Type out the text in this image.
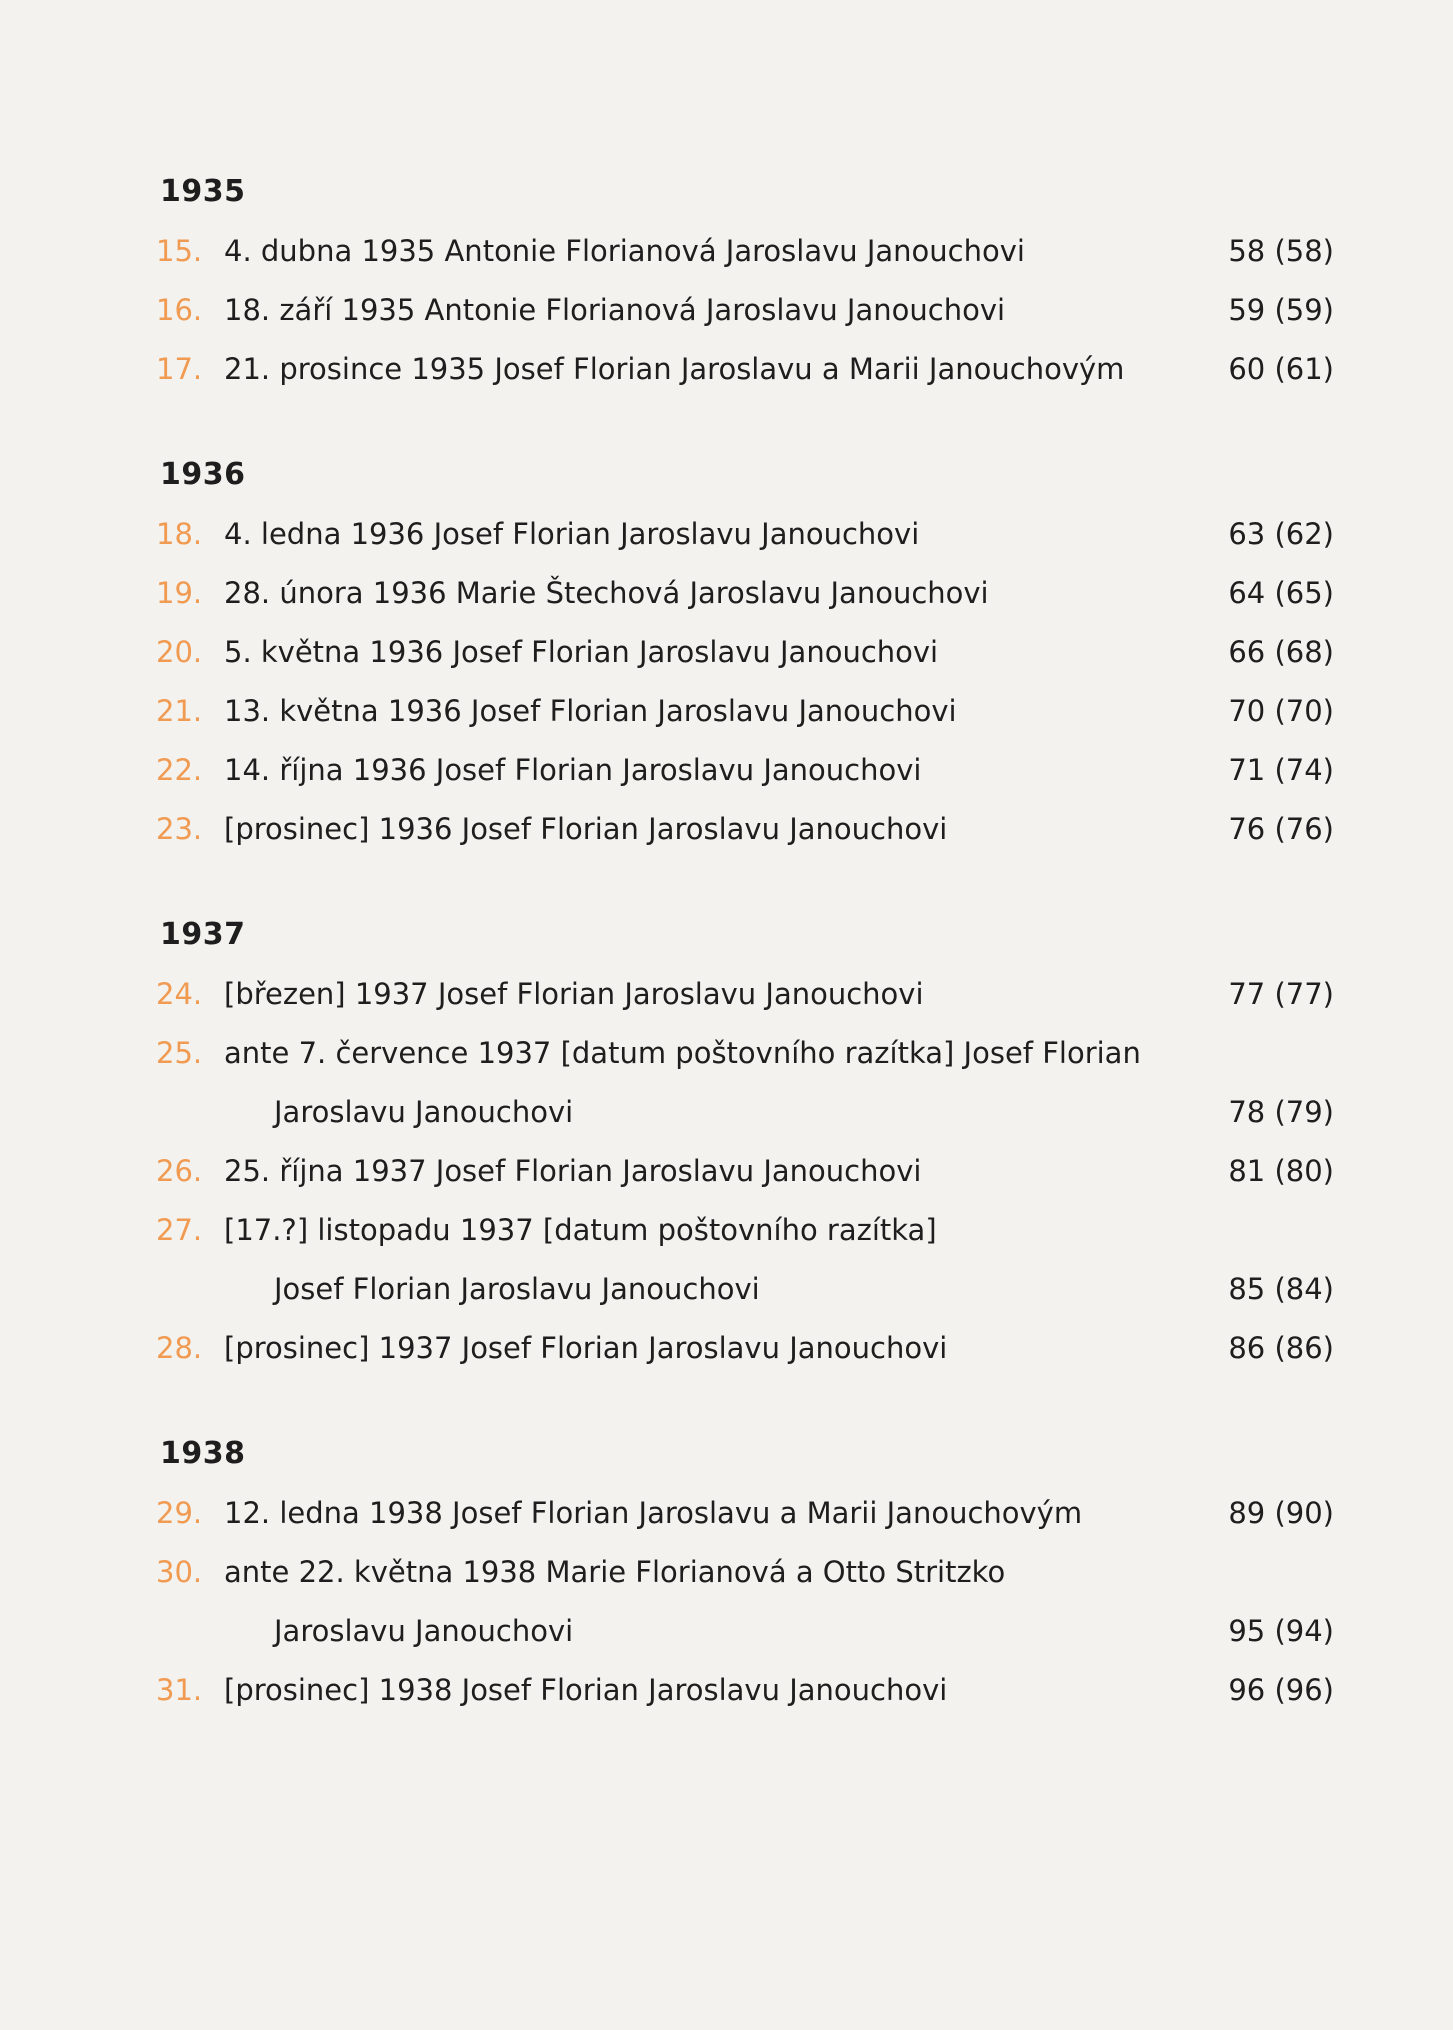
1935
15. 4. dubna 1935 Antonie Florianová Jaroslavu Janouchovi	58 (58)
16. 18. září 1935 Antonie Florianová Jaroslavu Janouchovi	59 (59)
17. 21. prosince 1935 Josef Florian Jaroslavu a Marii Janouchovým	60 (61)
1936
18. 4. ledna 1936 Josef Florian Jaroslavu Janouchovi	63 (62)
19. 28. února 1936 Marie Štechová Jaroslavu Janouchovi	64 (65)
20. 5. května 1936 Josef Florian Jaroslavu Janouchovi	66 (68)
21. 13. května 1936 Josef Florian Jaroslavu Janouchovi	70 (70)
22. 14. října 1936 Josef Florian Jaroslavu Janouchovi	71 (74)
23. [prosinec] 1936 Josef Florian Jaroslavu Janouchovi	76 (76)
1937
24. [březen] 1937 Josef Florian Jaroslavu Janouchovi	77 (77)
25. ante 7. července 1937 [datum poštovního razítka] Josef Florian
Jaroslavu Janouchovi	78 (79)
26. 25. října 1937 Josef Florian Jaroslavu Janouchovi	81 (80)
27. [17.?] listopadu 1937 [datum poštovního razítka]
Josef Florian Jaroslavu Janouchovi	85 (84)
28. [prosinec] 1937 Josef Florian Jaroslavu Janouchovi	86 (86)
1938
29. 12. ledna 1938 Josef Florian Jaroslavu a Marii Janouchovým	89 (90)
30. ante 22. května 1938 Marie Florianová a Otto Stritzko
Jaroslavu Janouchovi	95 (94)
31. [prosinec] 1938 Josef Florian Jaroslavu Janouchovi	96 (96)
